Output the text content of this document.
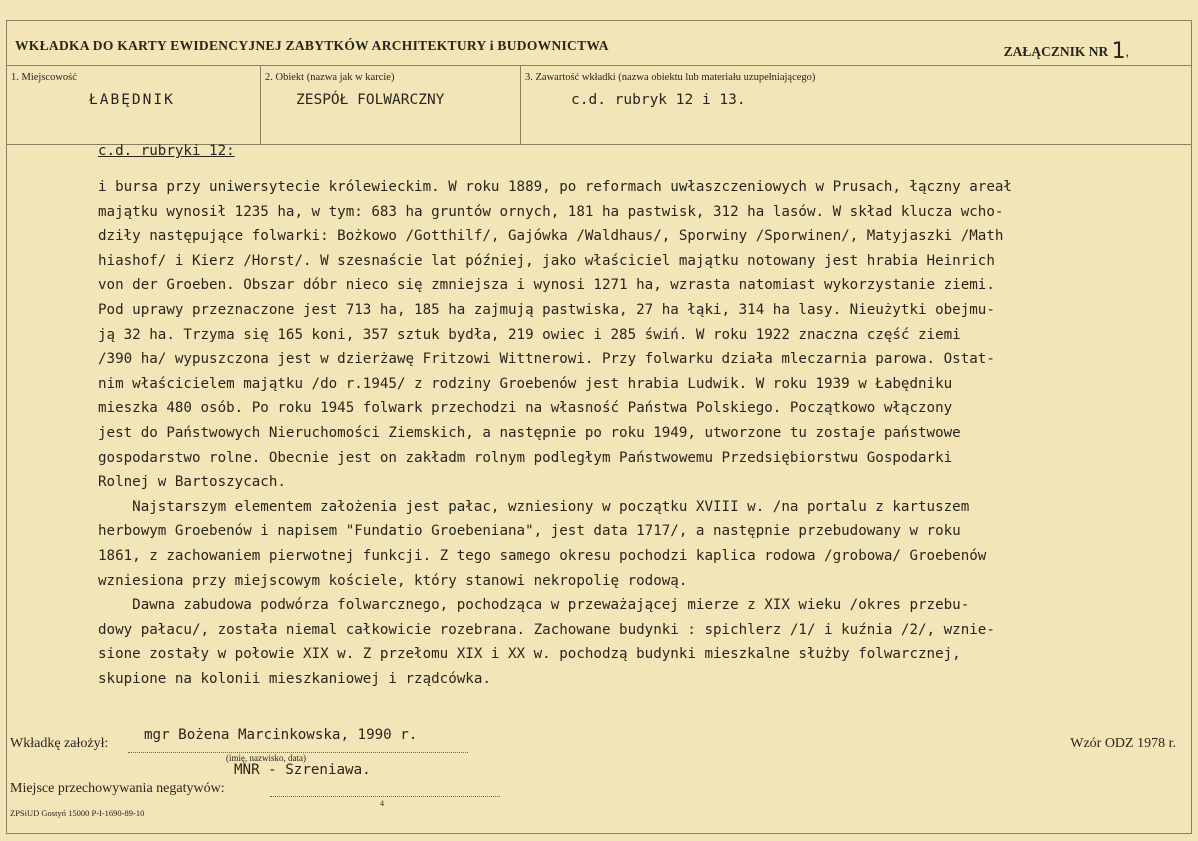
WKŁADKA DO KARTY EWIDENCYJNEJ ZABYTKÓW ARCHITEKTURY i BUDOWNICTWA	ZAŁĄCZNIK NR 1,
1. Miejscowość
ŁABĘDNIK
2. Obiekt (nazwa jak w karcie)
ZESPÓŁ FOLWARCZNY
3. Zawartość wkładki (nazwa obiektu lub materiału uzupełniającego)
c.d. rubryk 12 i 13.
c.d. rubryki 12:
i bursa przy uniwersytecie królewieckim. W roku 1889, po reformach uwłaszczeniowych w Prusach, łączny areał
majątku wynosił 1235 ha, w tym: 683 ha gruntów ornych, 181 ha pastwisk, 312 ha lasów. W skład klucza wcho-
dziły następujące folwarki: Bożkowo /Gotthilf/, Gajówka /Waldhaus/, Sporwiny /Sporwinen/, Matyjaszki /Math
hiashof/ i Kierz /Horst/. W szesnaście lat później, jako właściciel majątku notowany jest hrabia Heinrich
von der Groeben. Obszar dóbr nieco się zmniejsza i wynosi 1271 ha, wzrasta natomiast wykorzystanie ziemi.
Pod uprawy przeznaczone jest 713 ha, 185 ha zajmują pastwiska, 27 ha łąki, 314 ha lasy. Nieużytki obejmu-
ją 32 ha. Trzyma się 165 koni, 357 sztuk bydła, 219 owiec i 285 świń. W roku 1922 znaczna część ziemi
/390 ha/ wypuszczona jest w dzierżawę Fritzowi Wittnerowi. Przy folwarku działa mleczarnia parowa. Ostat-
nim właścicielem majątku /do r.1945/ z rodziny Groebenów jest hrabia Ludwik. W roku 1939 w Łabędniku
mieszka 480 osób. Po roku 1945 folwark przechodzi na własność Państwa Polskiego. Początkowo włączony
jest do Państwowych Nieruchomości Ziemskich, a następnie po roku 1949, utworzone tu zostaje państwowe
gospodarstwo rolne. Obecnie jest on zakładm rolnym podległym Państwowemu Przedsiębiorstwu Gospodarki
Rolnej w Bartoszycach.
Najstarszym elementem założenia jest pałac, wzniesiony w początku XVIII w. /na portalu z kartuszem
herbowym Groebenów i napisem "Fundatio Groebeniana", jest data 1717/, a następnie przebudowany w roku
1861, z zachowaniem pierwotnej funkcji. Z tego samego okresu pochodzi kaplica rodowa /grobowa/ Groebenów
wzniesiona przy miejscowym kościele, który stanowi nekropolię rodową.
Dawna zabudowa podwórza folwarcznego, pochodząca w przeważającej mierze z XIX wieku /okres przebu-
dowy pałacu/, została niemal całkowicie rozebrana. Zachowane budynki : spichlerz /1/ i kuźnia /2/, wznie-
sione zostały w połowie XIX w. Z przełomu XIX i XX w. pochodzą budynki mieszkalne służby folwarcznej,
skupione na kolonii mieszkaniowej i rządcówka.
Wkładkę założył:
mgr Bożena Marcinkowska, 1990 r.
(imię, nazwisko, data)
MNR - Szreniawa.
Miejsce przechowywania negatywów:
4
ZPSiUD Gostyń 15000 P-I-1690-89-10
Wzór ODZ 1978 r.
